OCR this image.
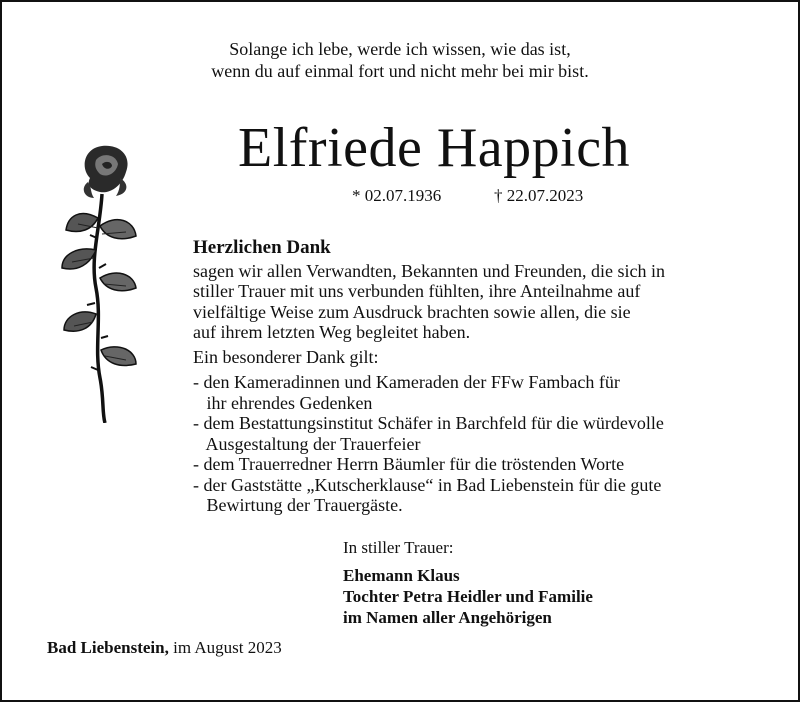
Solange ich lebe, werde ich wissen, wie das ist,
wenn du auf einmal fort und nicht mehr bei mir bist.
Elfriede Happich
* 02.07.1936	† 22.07.2023
Herzlichen Dank
sagen wir allen Verwandten, Bekannten und Freunden, die sich in
stiller Trauer mit uns verbunden fühlten, ihre Anteilnahme auf
vielfältige Weise zum Ausdruck brachten sowie allen, die sie
auf ihrem letzten Weg begleitet haben.
Ein besonderer Dank gilt:
- den Kameradinnen und Kameraden der FFw Fambach für
ihr ehrendes Gedenken
- dem Bestattungsinstitut Schäfer in Barchfeld für die würdevolle
Ausgestaltung der Trauerfeier
- dem Trauerredner Herrn Bäumler für die tröstenden Worte
- der Gaststätte „Kutscherklause“ in Bad Liebenstein für die gute
Bewirtung der Trauergäste.
In stiller Trauer:
Ehemann Klaus
Tochter Petra Heidler und Familie
im Namen aller Angehörigen
Bad Liebenstein, im August 2023
